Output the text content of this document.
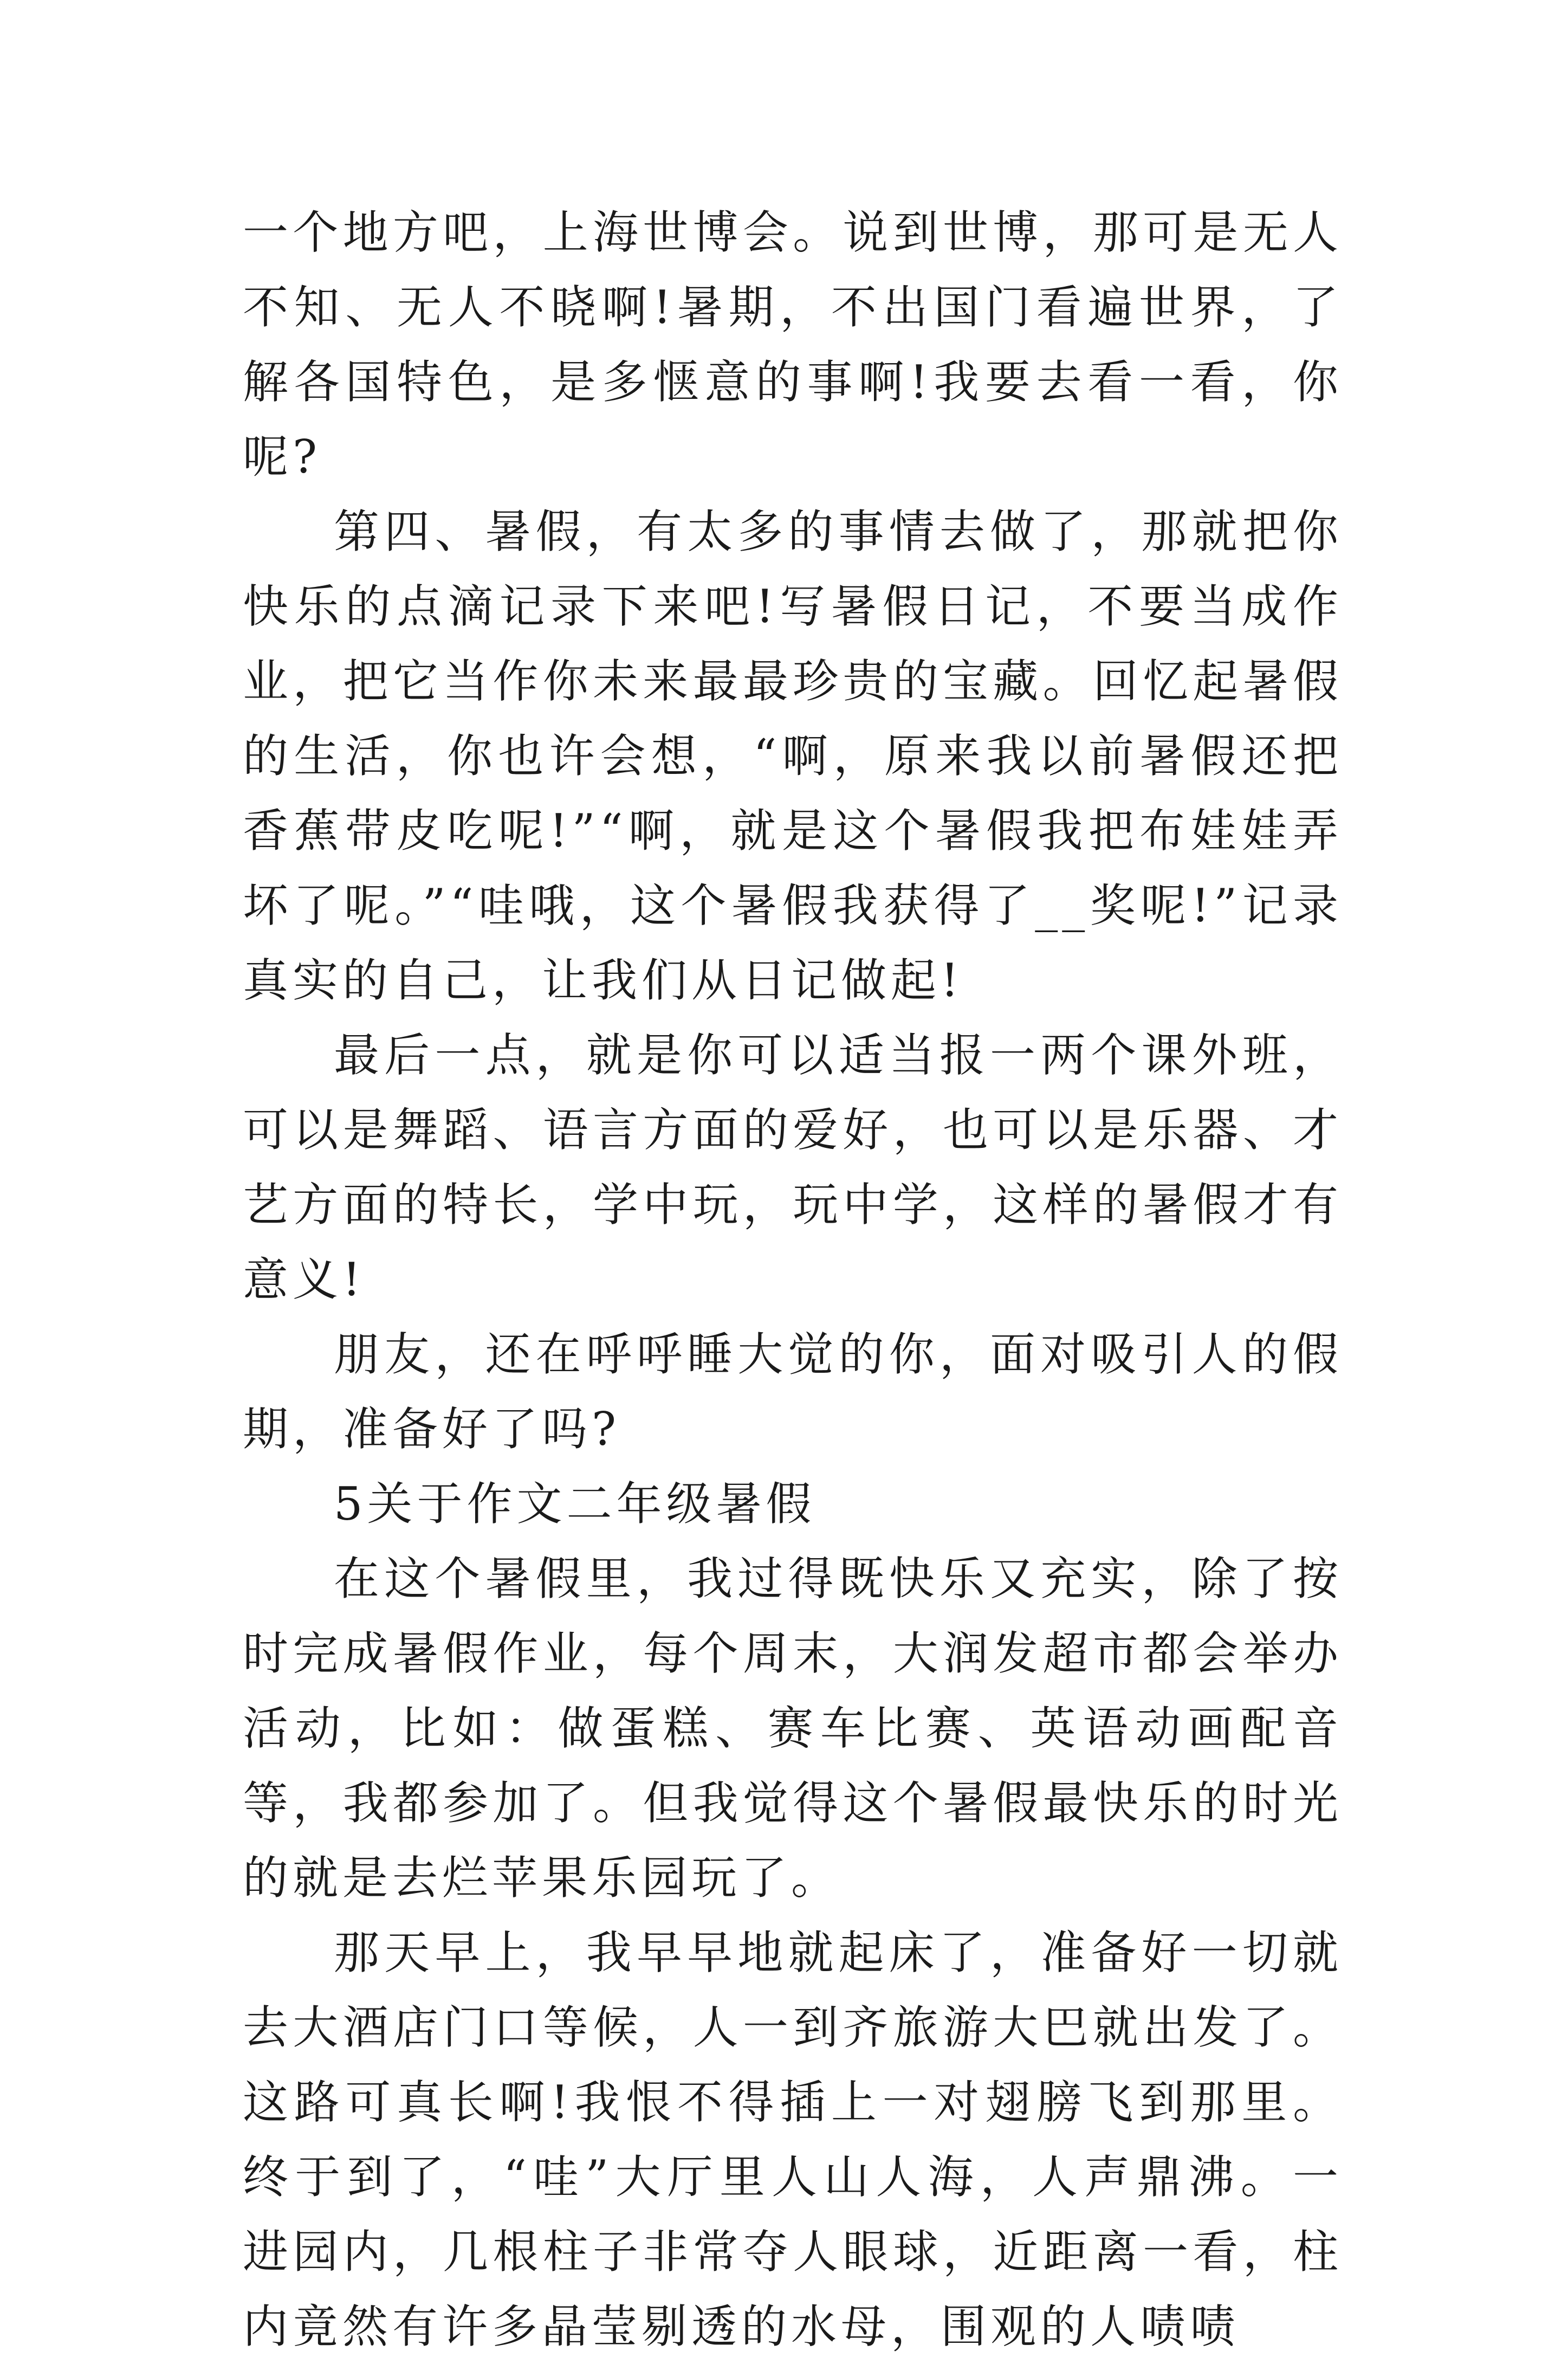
一个地方吧，上海世博会。说到世博，那可是无人不知、无人不晓啊!暑期，不出国门看遍世界，了解各国特色，是多惬意的事啊!我要去看一看，你呢?

第四、暑假，有太多的事情去做了，那就把你快乐的点滴记录下来吧!写暑假日记，不要当成作业，把它当作你未来最最珍贵的宝藏。回忆起暑假的生活，你也许会想，“啊，原来我以前暑假还把香蕉带皮吃呢!”“啊，就是这个暑假我把布娃娃弄坏了呢。”“哇哦，这个暑假我获得了__奖呢!”记录真实的自己，让我们从日记做起!

最后一点，就是你可以适当报一两个课外班，可以是舞蹈、语言方面的爱好，也可以是乐器、才艺方面的特长，学中玩，玩中学，这样的暑假才有意义!

朋友，还在呼呼睡大觉的你，面对吸引人的假期，准备好了吗?

5关于作文二年级暑假

在这个暑假里，我过得既快乐又充实，除了按时完成暑假作业，每个周末，大润发超市都会举办活动，比如：做蛋糕、赛车比赛、英语动画配音等，我都参加了。但我觉得这个暑假最快乐的时光的就是去烂苹果乐园玩了。

那天早上，我早早地就起床了，准备好一切就去大酒店门口等候，人一到齐旅游大巴就出发了。这路可真长啊!我恨不得插上一对翅膀飞到那里。终于到了，“哇”大厅里人山人海，人声鼎沸。一进园内，几根柱子非常夺人眼球，近距离一看，柱内竟然有许多晶莹剔透的水母，围观的人啧啧
